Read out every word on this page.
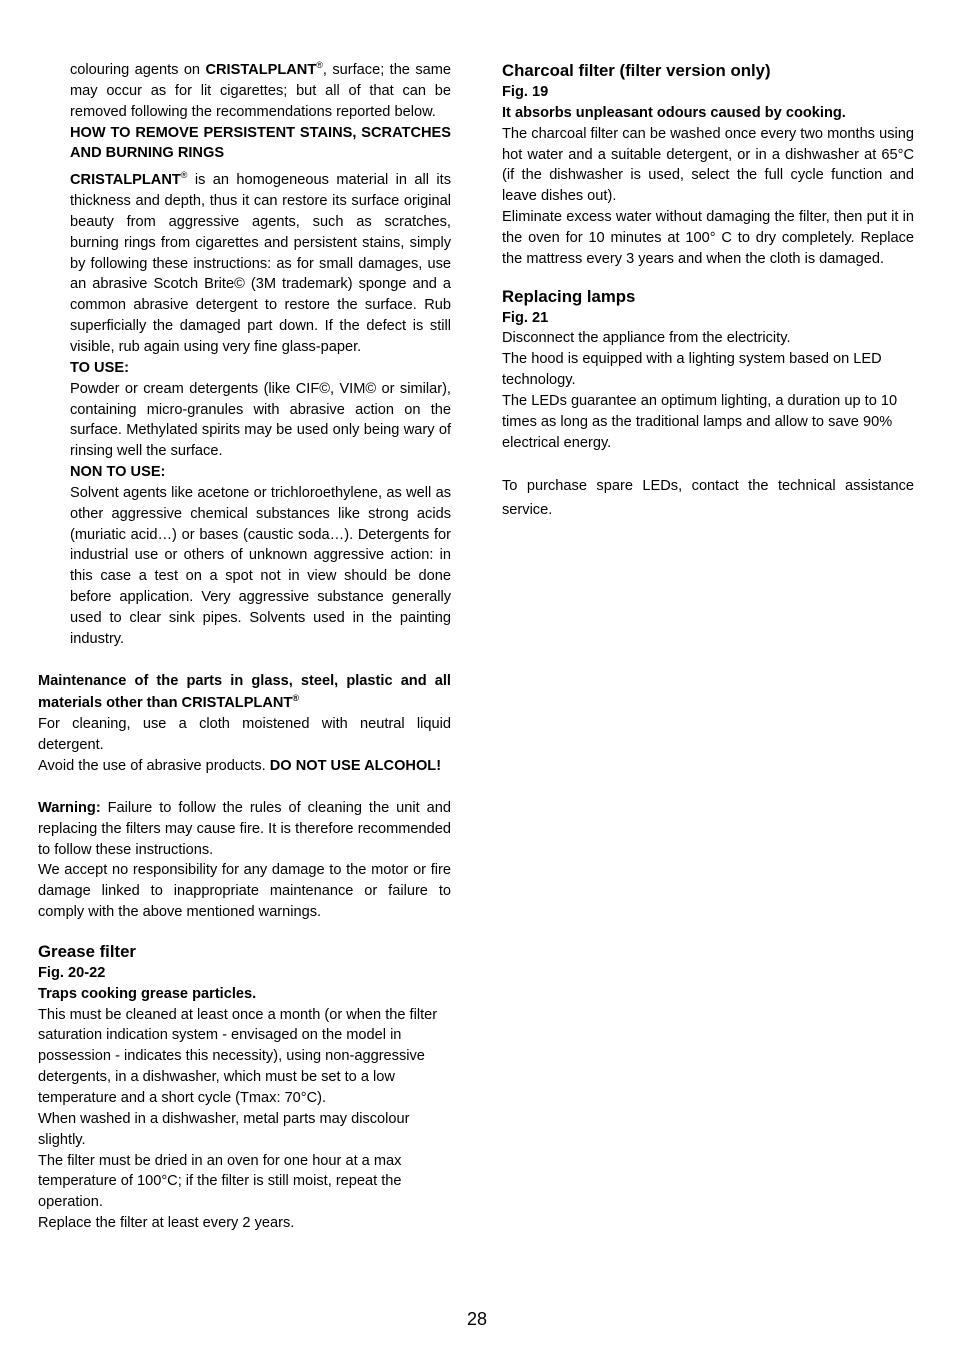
colouring agents on CRISTALPLANT®, surface; the same may occur as for lit cigarettes; but all of that can be removed following the recommendations reported below.

HOW TO REMOVE PERSISTENT STAINS, SCRATCHES AND BURNING RINGS

CRISTALPLANT® is an homogeneous material in all its thickness and depth, thus it can restore its surface original beauty from aggressive agents, such as scratches, burning rings from cigarettes and persistent stains, simply by following these instructions: as for small damages, use an abrasive Scotch Brite© (3M trademark) sponge and a common abrasive detergent to restore the surface. Rub superficially the damaged part down. If the defect is still visible, rub again using very fine glass-paper.

TO USE:

Powder or cream detergents (like CIF©, VIM© or similar), containing micro-granules with abrasive action on the surface. Methylated spirits may be used only being wary of rinsing well the surface.

NON TO USE:

Solvent agents like acetone or trichloroethylene, as well as other aggressive chemical substances like strong acids (muriatic acid…) or bases (caustic soda…). Detergents for industrial use or others of unknown aggressive action: in this case a test on a spot not in view should be done before application. Very aggressive substance generally used to clear sink pipes. Solvents used in the painting industry.

Maintenance of the parts in glass, steel, plastic and all materials other than CRISTALPLANT®

For cleaning, use a cloth moistened with neutral liquid detergent.

Avoid the use of abrasive products. DO NOT USE ALCOHOL!

Warning: Failure to follow the rules of cleaning the unit and replacing the filters may cause fire. It is therefore recommended to follow these instructions.

We accept no responsibility for any damage to the motor or fire damage linked to inappropriate maintenance or failure to comply with the above mentioned warnings.

Grease filter

Fig. 20-22

Traps cooking grease particles.

This must be cleaned at least once a month (or when the filter saturation indication system - envisaged on the model in possession - indicates this necessity), using non-aggressive detergents, in a dishwasher, which must be set to a low temperature and a short cycle (Tmax: 70°C).

When washed in a dishwasher, metal parts may discolour slightly.

The filter must be dried in an oven for one hour at a max temperature of 100°C; if the filter is still moist, repeat the operation.

Replace the filter at least every 2 years.

Charcoal filter (filter version only)

Fig. 19

It absorbs unpleasant odours caused by cooking.

The charcoal filter can be washed once every two months using hot water and a suitable detergent, or in a dishwasher at 65°C (if the dishwasher is used, select the full cycle function and leave dishes out).

Eliminate excess water without damaging the filter, then put it in the oven for 10 minutes at 100° C to dry completely. Replace the mattress every 3 years and when the cloth is damaged.

Replacing lamps

Fig. 21

Disconnect the appliance from the electricity.

The hood is equipped with a lighting system based on LED technology.

The LEDs guarantee an optimum lighting, a duration up to 10 times as long as the traditional lamps and allow to save 90% electrical energy.

To purchase spare LEDs, contact the technical assistance service.

28
